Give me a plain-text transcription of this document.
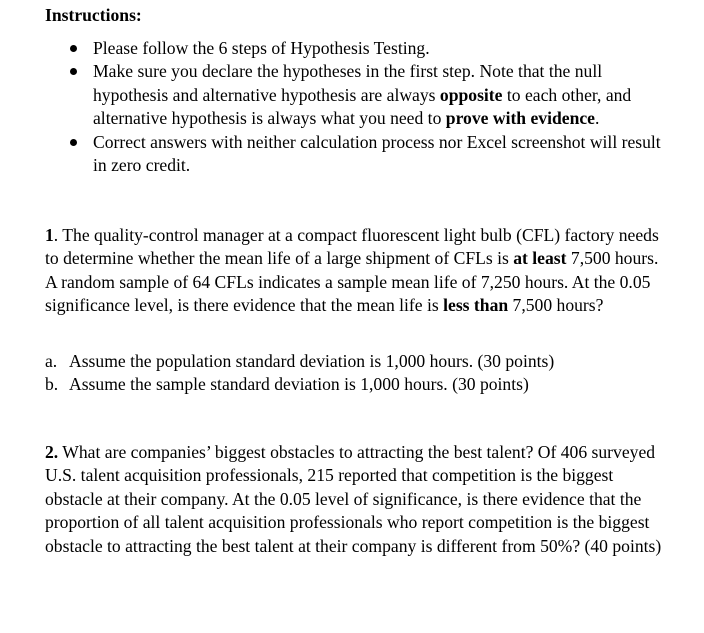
Instructions:
Please follow the 6 steps of Hypothesis Testing.
Make sure you declare the hypotheses in the first step. Note that the null hypothesis and alternative hypothesis are always opposite to each other, and alternative hypothesis is always what you need to prove with evidence.
Correct answers with neither calculation process nor Excel screenshot will result in zero credit.
1. The quality-control manager at a compact fluorescent light bulb (CFL) factory needs to determine whether the mean life of a large shipment of CFLs is at least 7,500 hours. A random sample of 64 CFLs indicates a sample mean life of 7,250 hours. At the 0.05 significance level, is there evidence that the mean life is less than 7,500 hours?
a. Assume the population standard deviation is 1,000 hours. (30 points)
b. Assume the sample standard deviation is 1,000 hours. (30 points)
2. What are companies’ biggest obstacles to attracting the best talent? Of 406 surveyed U.S. talent acquisition professionals, 215 reported that competition is the biggest obstacle at their company. At the 0.05 level of significance, is there evidence that the proportion of all talent acquisition professionals who report competition is the biggest obstacle to attracting the best talent at their company is different from 50%? (40 points)
